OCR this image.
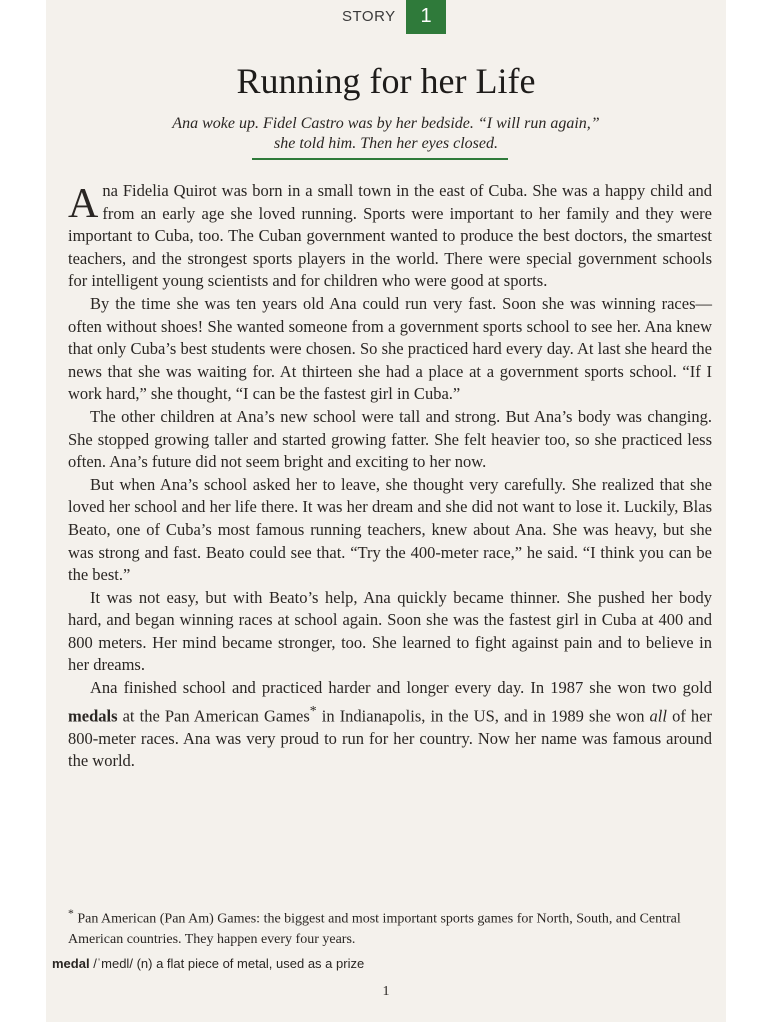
STORY	1
Running for her Life
Ana woke up. Fidel Castro was by her bedside. “I will run again,”
she told him. Then her eyes closed.

Ana Fidelia Quirot was born in a small town in the east of Cuba. She was a happy child and from an early age she loved running. Sports were important to her family and they were important to Cuba, too. The Cuban government wanted to produce the best doctors, the smartest teachers, and the strongest sports players in the world. There were special government schools for intelligent young scientists and for children who were good at sports.

By the time she was ten years old Ana could run very fast. Soon she was winning races—often without shoes! She wanted someone from a government sports school to see her. Ana knew that only Cuba’s best students were chosen. So she practiced hard every day. At last she heard the news that she was waiting for. At thirteen she had a place at a government sports school. “If I work hard,” she thought, “I can be the fastest girl in Cuba.”

The other children at Ana’s new school were tall and strong. But Ana’s body was changing. She stopped growing taller and started growing fatter. She felt heavier too, so she practiced less often. Ana’s future did not seem bright and exciting to her now.

But when Ana’s school asked her to leave, she thought very carefully. She realized that she loved her school and her life there. It was her dream and she did not want to lose it. Luckily, Blas Beato, one of Cuba’s most famous running teachers, knew about Ana. She was heavy, but she was strong and fast. Beato could see that. “Try the 400-meter race,” he said. “I think you can be the best.”

It was not easy, but with Beato’s help, Ana quickly became thinner. She pushed her body hard, and began winning races at school again. Soon she was the fastest girl in Cuba at 400 and 800 meters. Her mind became stronger, too. She learned to fight against pain and to believe in her dreams.

Ana finished school and practiced harder and longer every day. In 1987 she won two gold medals at the Pan American Games* in Indianapolis, in the US, and in 1989 she won all of her 800-meter races. Ana was very proud to run for her country. Now her name was famous around the world.

* Pan American (Pan Am) Games: the biggest and most important sports games for North, South, and Central American countries. They happen every four years.
medal /ˈmedl/ (n) a flat piece of metal, used as a prize
1
